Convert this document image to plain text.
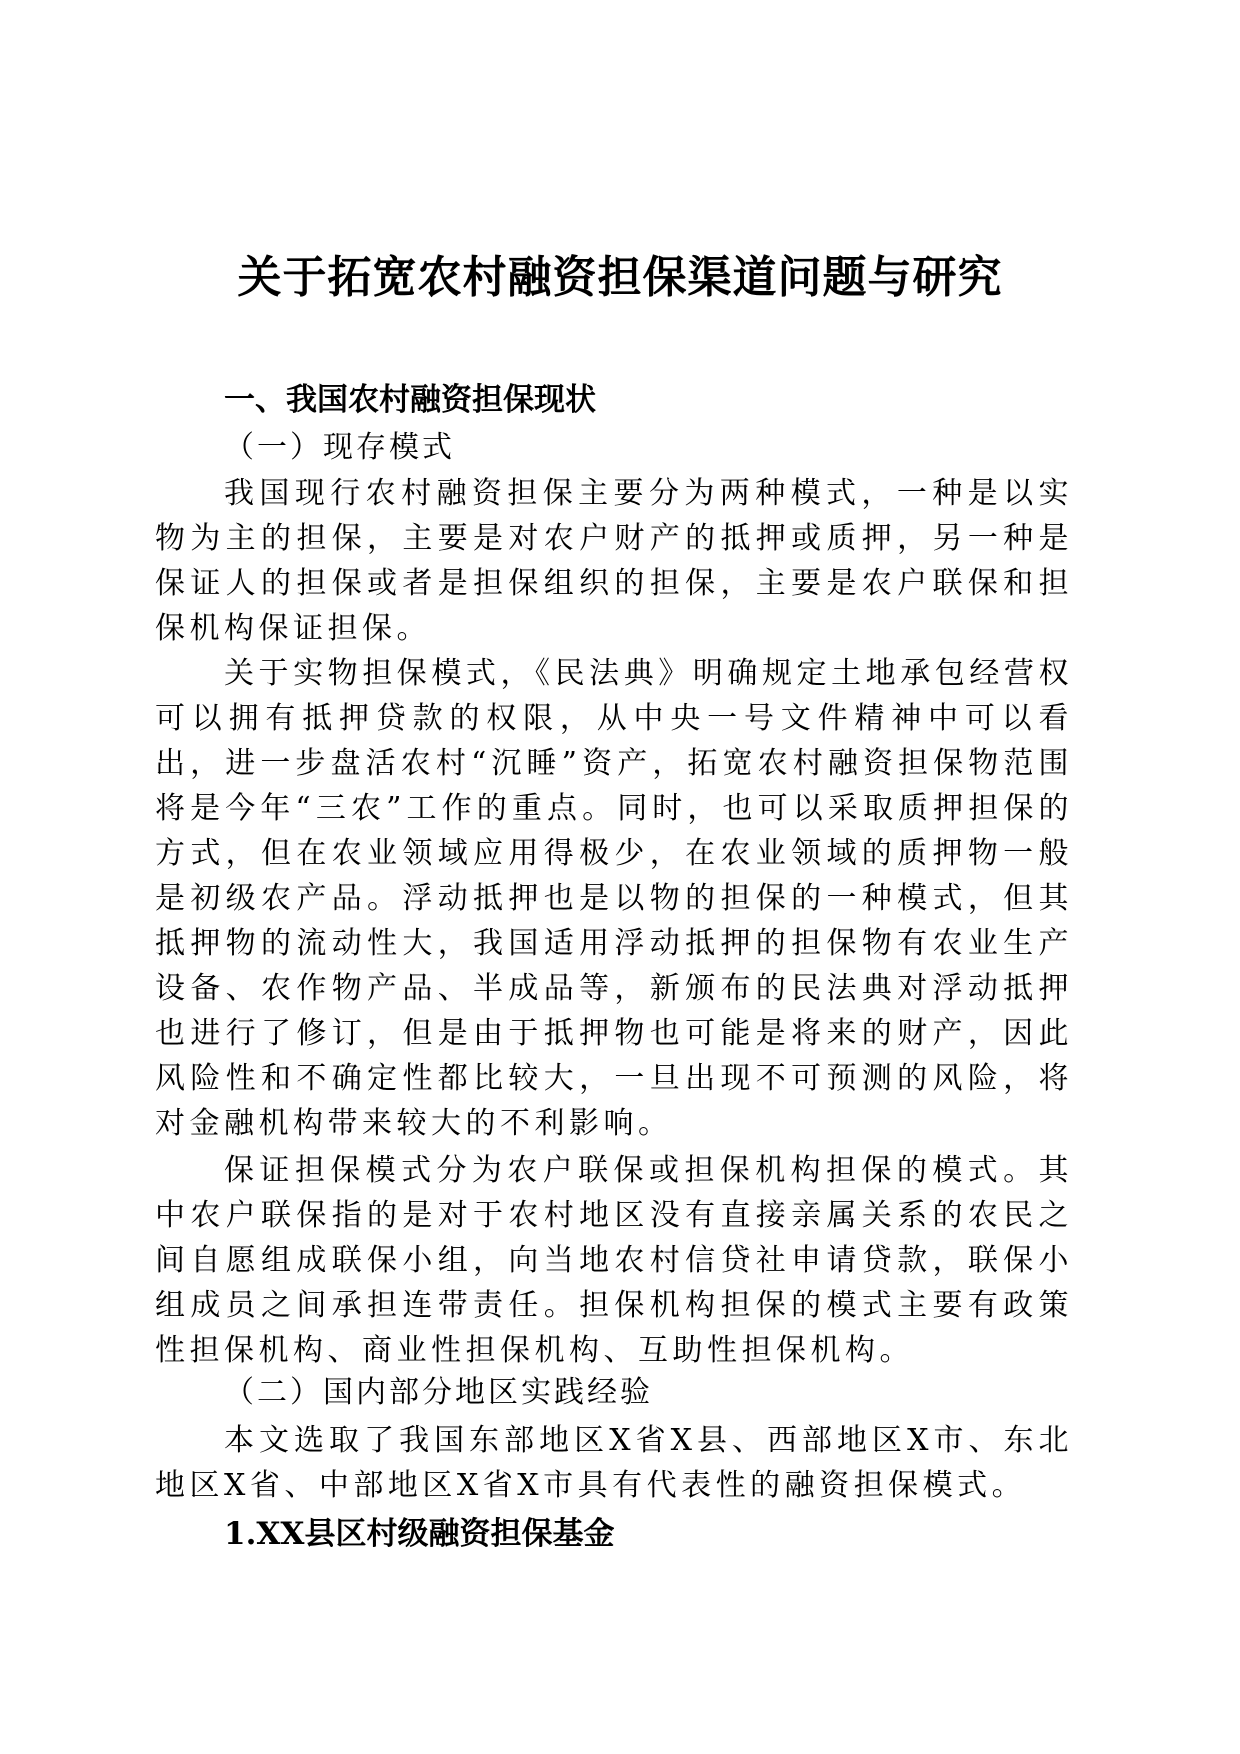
关于拓宽农村融资担保渠道问题与研究
一、我国农村融资担保现状
（一）现存模式

我国现行农村融资担保主要分为两种模式，一种是以实物为主的担保，主要是对农户财产的抵押或质押，另一种是保证人的担保或者是担保组织的担保，主要是农户联保和担保机构保证担保。

关于实物担保模式，《民法典》明确规定土地承包经营权可以拥有抵押贷款的权限，从中央一号文件精神中可以看出，进一步盘活农村“沉睡”资产，拓宽农村融资担保物范围将是今年“三农”工作的重点。同时，也可以采取质押担保的方式，但在农业领域应用得极少，在农业领域的质押物一般是初级农产品。浮动抵押也是以物的担保的一种模式，但其抵押物的流动性大，我国适用浮动抵押的担保物有农业生产设备、农作物产品、半成品等，新颁布的民法典对浮动抵押也进行了修订，但是由于抵押物也可能是将来的财产，因此风险性和不确定性都比较大，一旦出现不可预测的风险，将对金融机构带来较大的不利影响。

保证担保模式分为农户联保或担保机构担保的模式。其中农户联保指的是对于农村地区没有直接亲属关系的农民之间自愿组成联保小组，向当地农村信贷社申请贷款，联保小组成员之间承担连带责任。担保机构担保的模式主要有政策性担保机构、商业性担保机构、互助性担保机构。

（二）国内部分地区实践经验

本文选取了我国东部地区X省X县、西部地区X市、东北地区X省、中部地区X省X市具有代表性的融资担保模式。

1.XX县区村级融资担保基金
